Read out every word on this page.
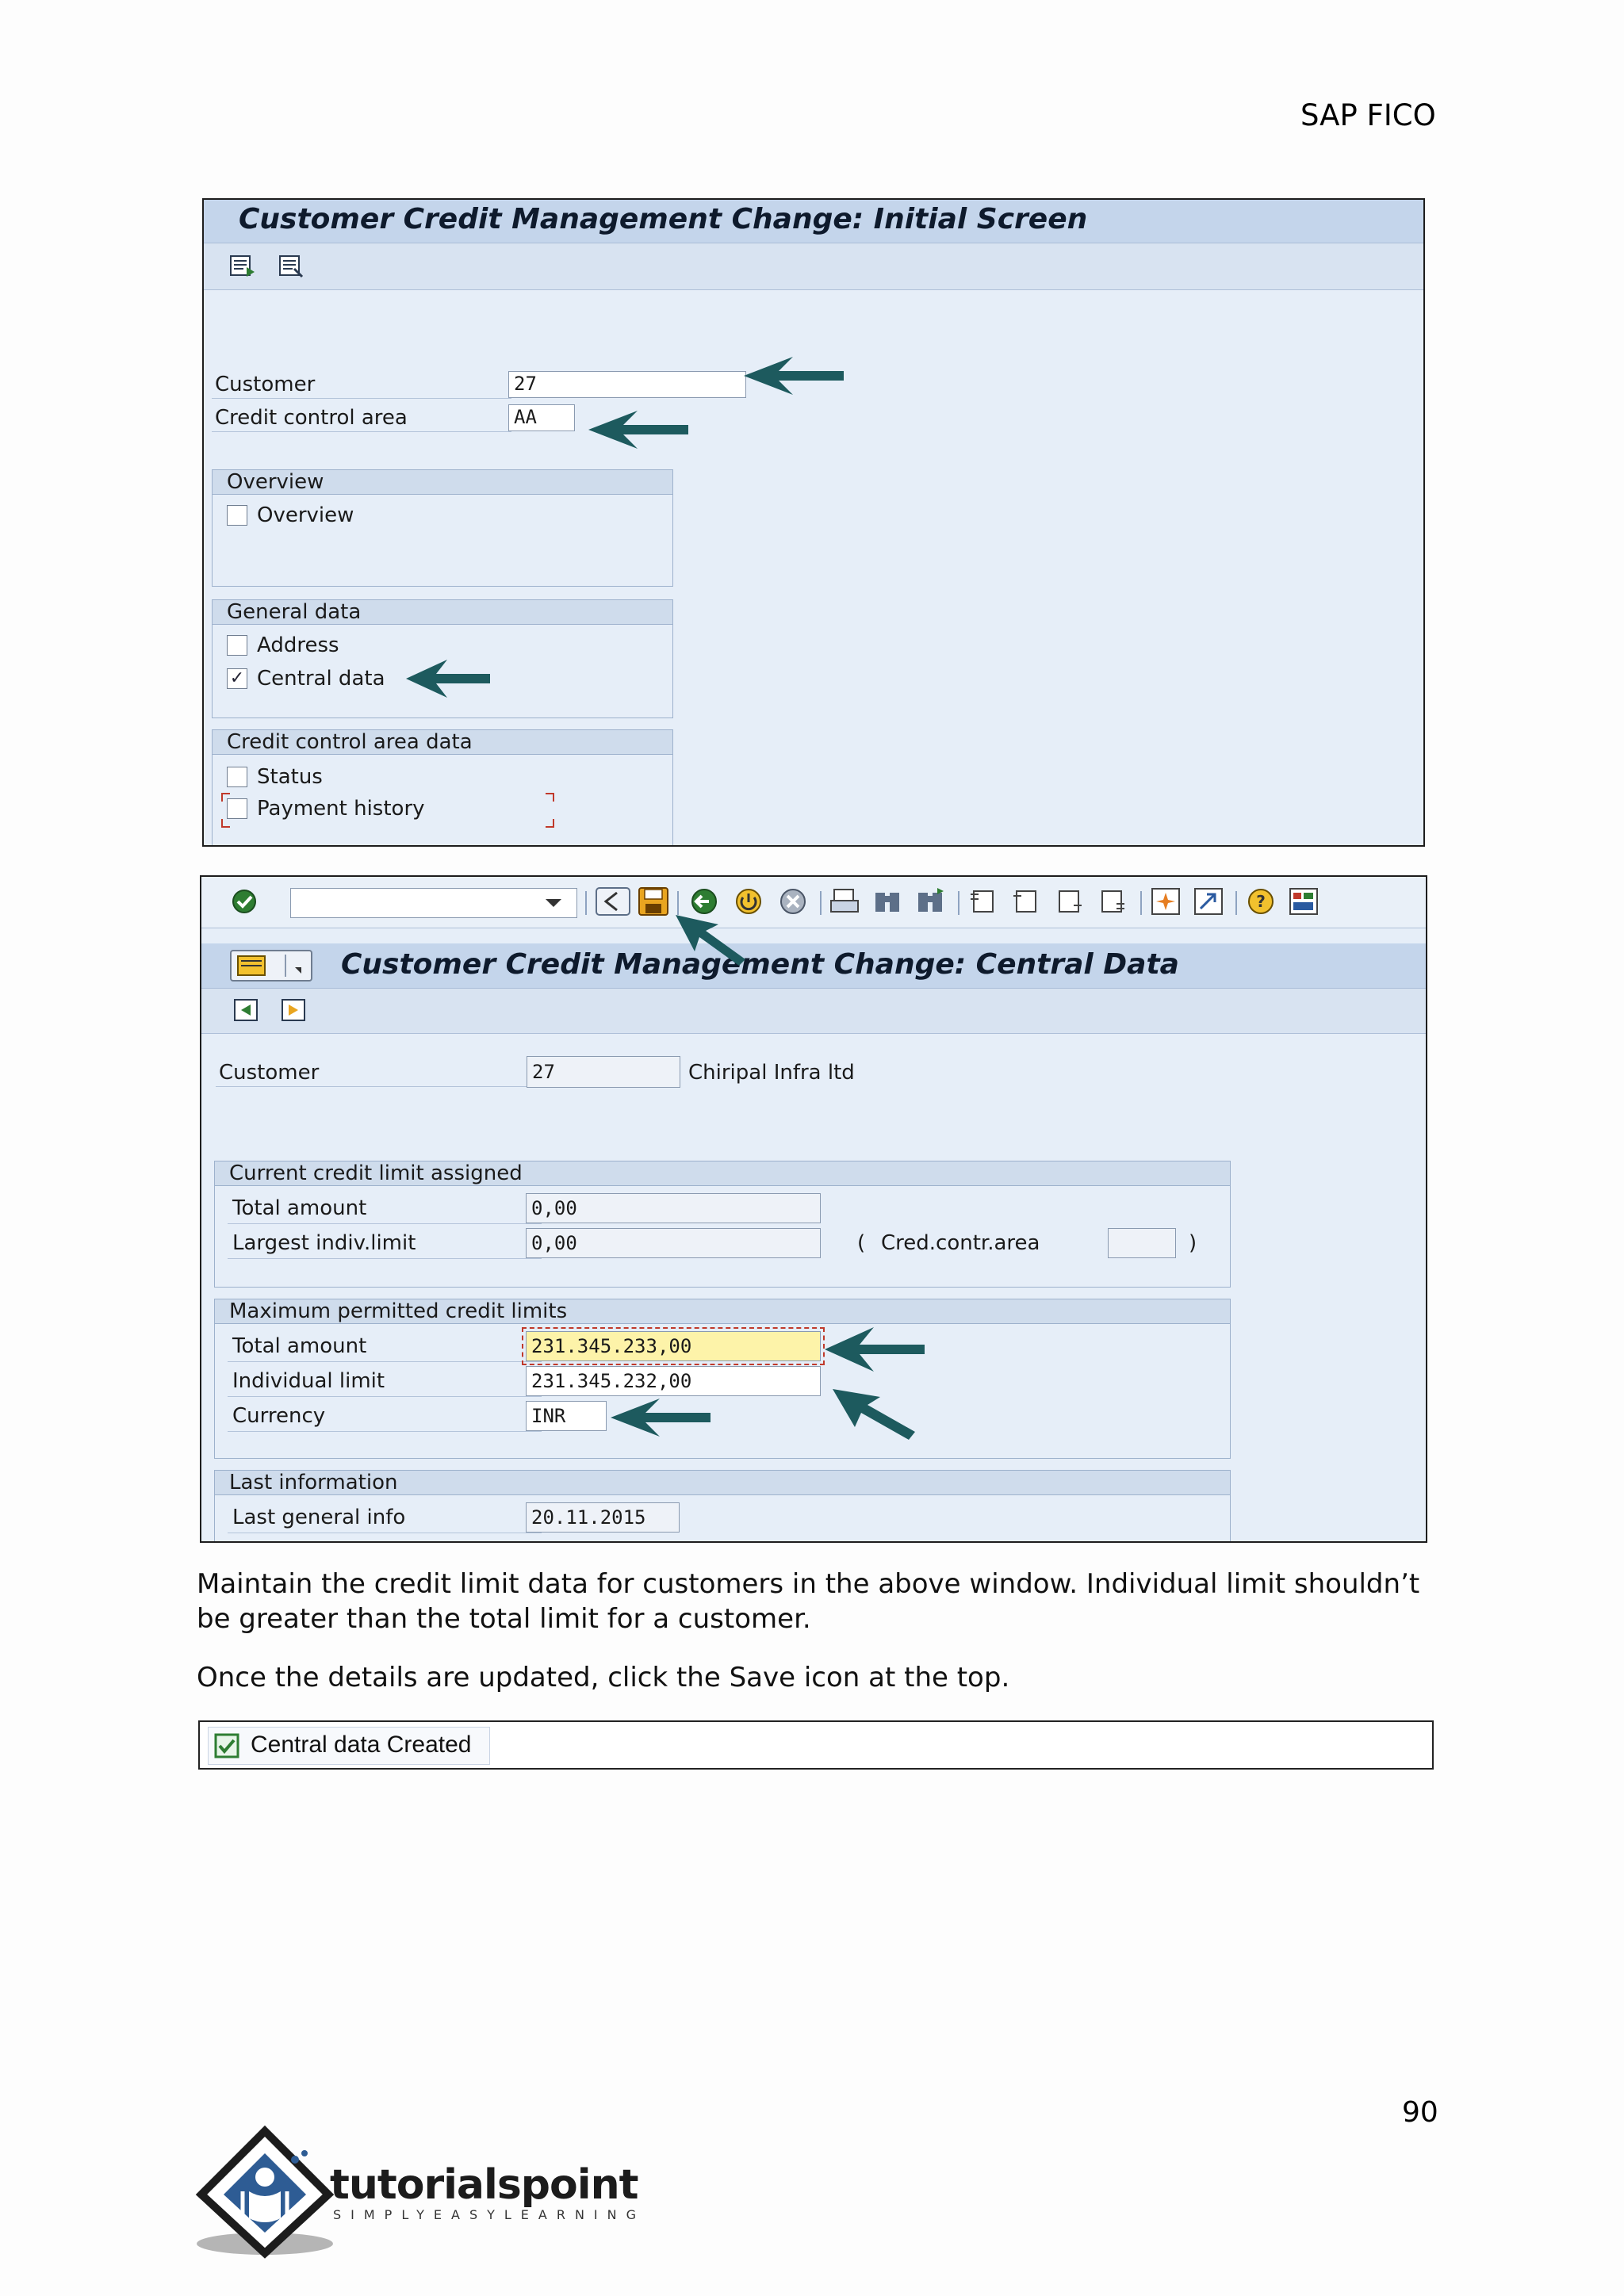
SAP FICO
Customer Credit Management Change: Initial Screen
Customer	27
Credit control area	AA
Overview
Overview
General data
Address
✓ Central data
Credit control area data
Status
Payment history
?
Customer Credit Management Change: Central Data
Customer	27	Chiripal Infra ltd
Current credit limit assigned
Total amount	0,00
Largest indiv.limit	0,00	( Cred.contr.area	)
Maximum permitted credit limits
Total amount	231.345.233,00
Individual limit	231.345.232,00
Currency	INR
Last information
Last general info	20.11.2015
Maintain the credit limit data for customers in the above window. Individual limit shouldn’t
be greater than the total limit for a customer.
Once the details are updated, click the Save icon at the top.
Central data Created
90
tutorialspoint
SIMPLYEASYLEARNING
